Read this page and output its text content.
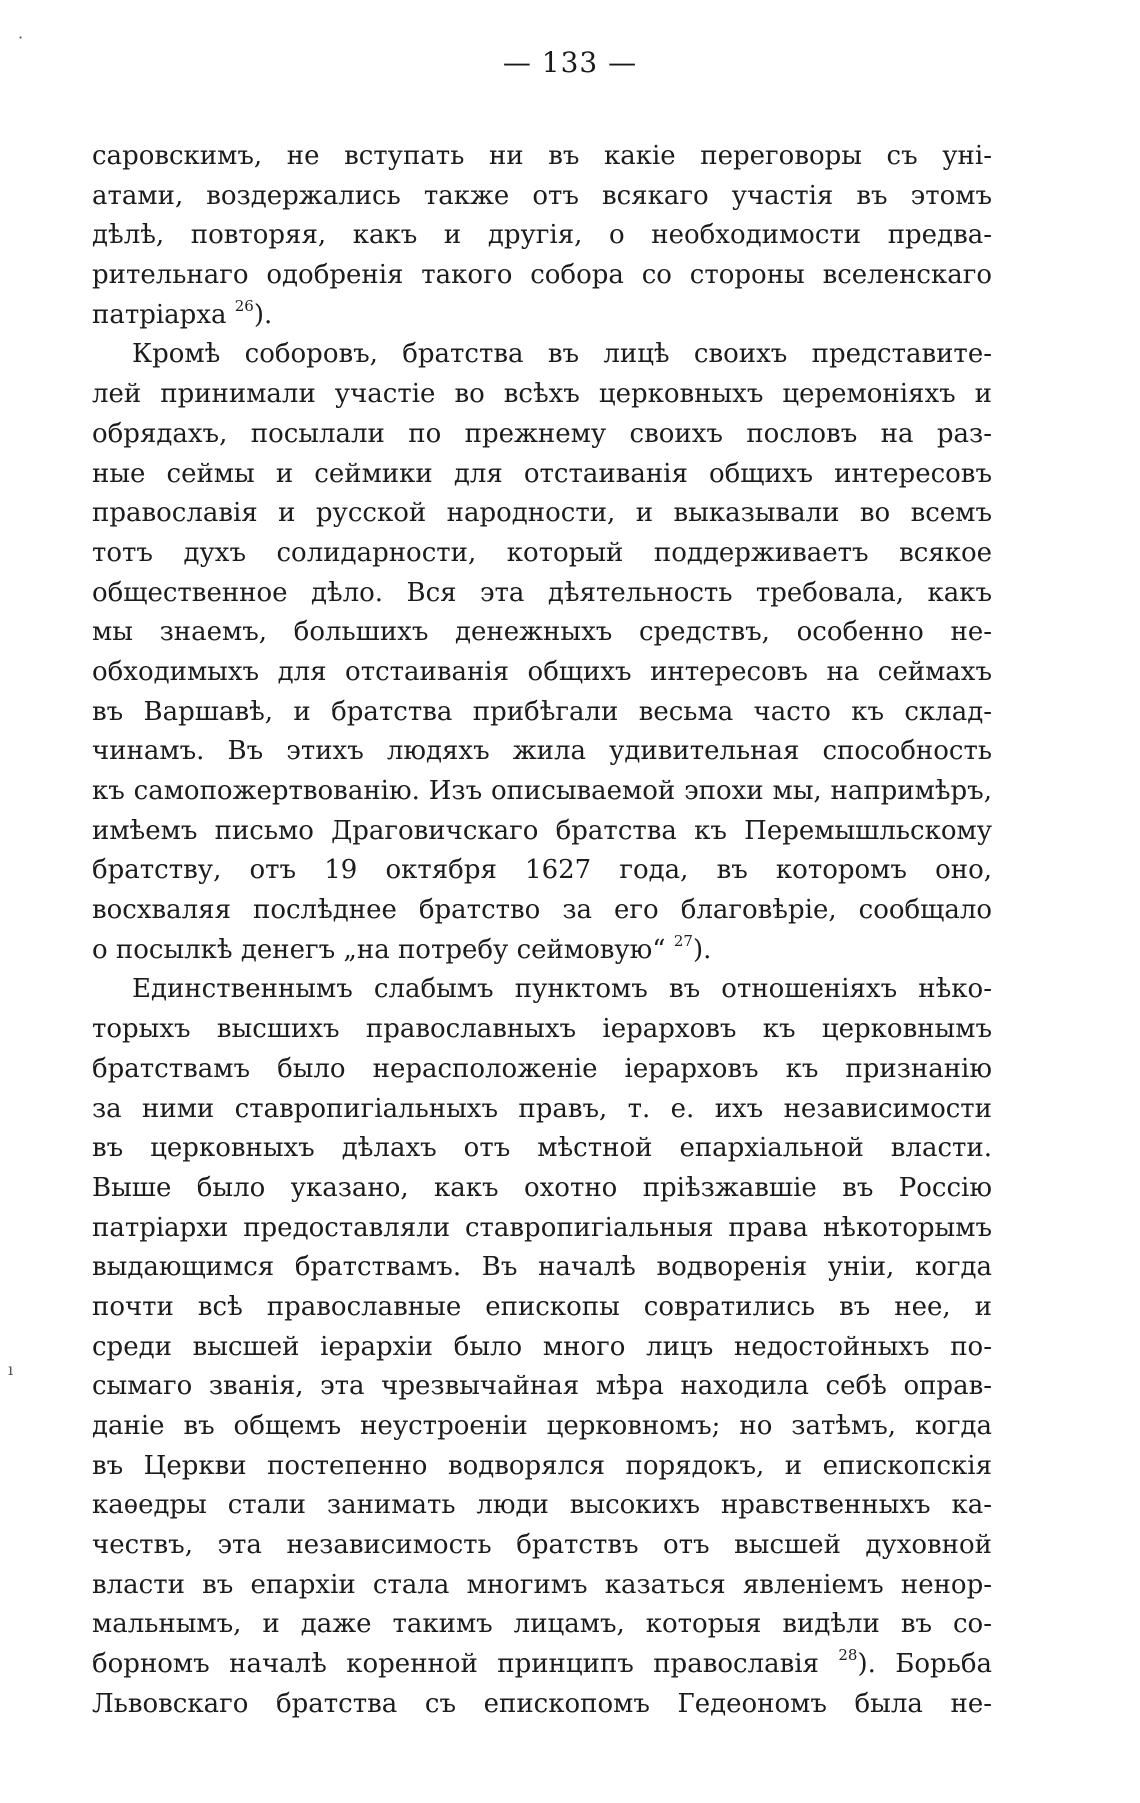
— 133 —
саровскимъ, не вступать ни въ какіе переговоры съ уні-
атами, воздержались также отъ всякаго участія въ этомъ
дѣлѣ, повторяя, какъ и другія, о необходимости предва-
рительнаго одобренія такого собора со стороны вселенскаго
патріарха $^{26}$).
Кромѣ соборовъ, братства въ лицѣ своихъ представите-
лей принимали участіе во всѣхъ церковныхъ церемоніяхъ и
обрядахъ, посылали по прежнему своихъ пословъ на раз-
ные сеймы и сеймики для отстаиванія общихъ интересовъ
православія и русской народности, и выказывали во всемъ
тотъ духъ солидарности, который поддерживаетъ всякое
общественное дѣло. Вся эта дѣятельность требовала, какъ
мы знаемъ, большихъ денежныхъ средствъ, особенно не-
обходимыхъ для отстаиванія общихъ интересовъ на сеймахъ
въ Варшавѣ, и братства прибѣгали весьма часто къ склад-
чинамъ. Въ этихъ людяхъ жила удивительная способность
къ самопожертвованію. Изъ описываемой эпохи мы, напримѣръ,
имѣемъ письмо Драговичскаго братства къ Перемышльскому
братству, отъ 19 октября 1627 года, въ которомъ оно,
восхваляя послѣднее братство за его благовѣріе, сообщало
о посылкѣ денегъ „на потребу сеймовую“ $^{27}$).
Единственнымъ слабымъ пунктомъ въ отношеніяхъ нѣко-
торыхъ высшихъ православныхъ іерарховъ къ церковнымъ
братствамъ было нерасположеніе іерарховъ къ признанію
за ними ставропигіальныхъ правъ, т. е. ихъ независимости
въ церковныхъ дѣлахъ отъ мѣстной епархіальной власти.
Выше было указано, какъ охотно пріѣзжавшіе въ Россію
патріархи предоставляли ставропигіальныя права нѣкоторымъ
выдающимся братствамъ. Въ началѣ водворенія уніи, когда
почти всѣ православные епископы совратились въ нее, и
среди высшей іерархіи было много лицъ недостойныхъ по-
сымаго званія, эта чрезвычайная мѣра находила себѣ оправ-
даніе въ общемъ неустроеніи церковномъ; но затѣмъ, когда
въ Церкви постепенно водворялся порядокъ, и епископскія
каѳедры стали занимать люди высокихъ нравственныхъ ка-
чествъ, эта независимость братствъ отъ высшей духовной
власти въ епархіи стала многимъ казаться явленіемъ ненор-
мальнымъ, и даже такимъ лицамъ, которыя видѣли въ со-
борномъ началѣ коренной принципъ православія $^{28}$). Борьба
Львовскаго братства съ епископомъ Гедеономъ была не-
·
ı
